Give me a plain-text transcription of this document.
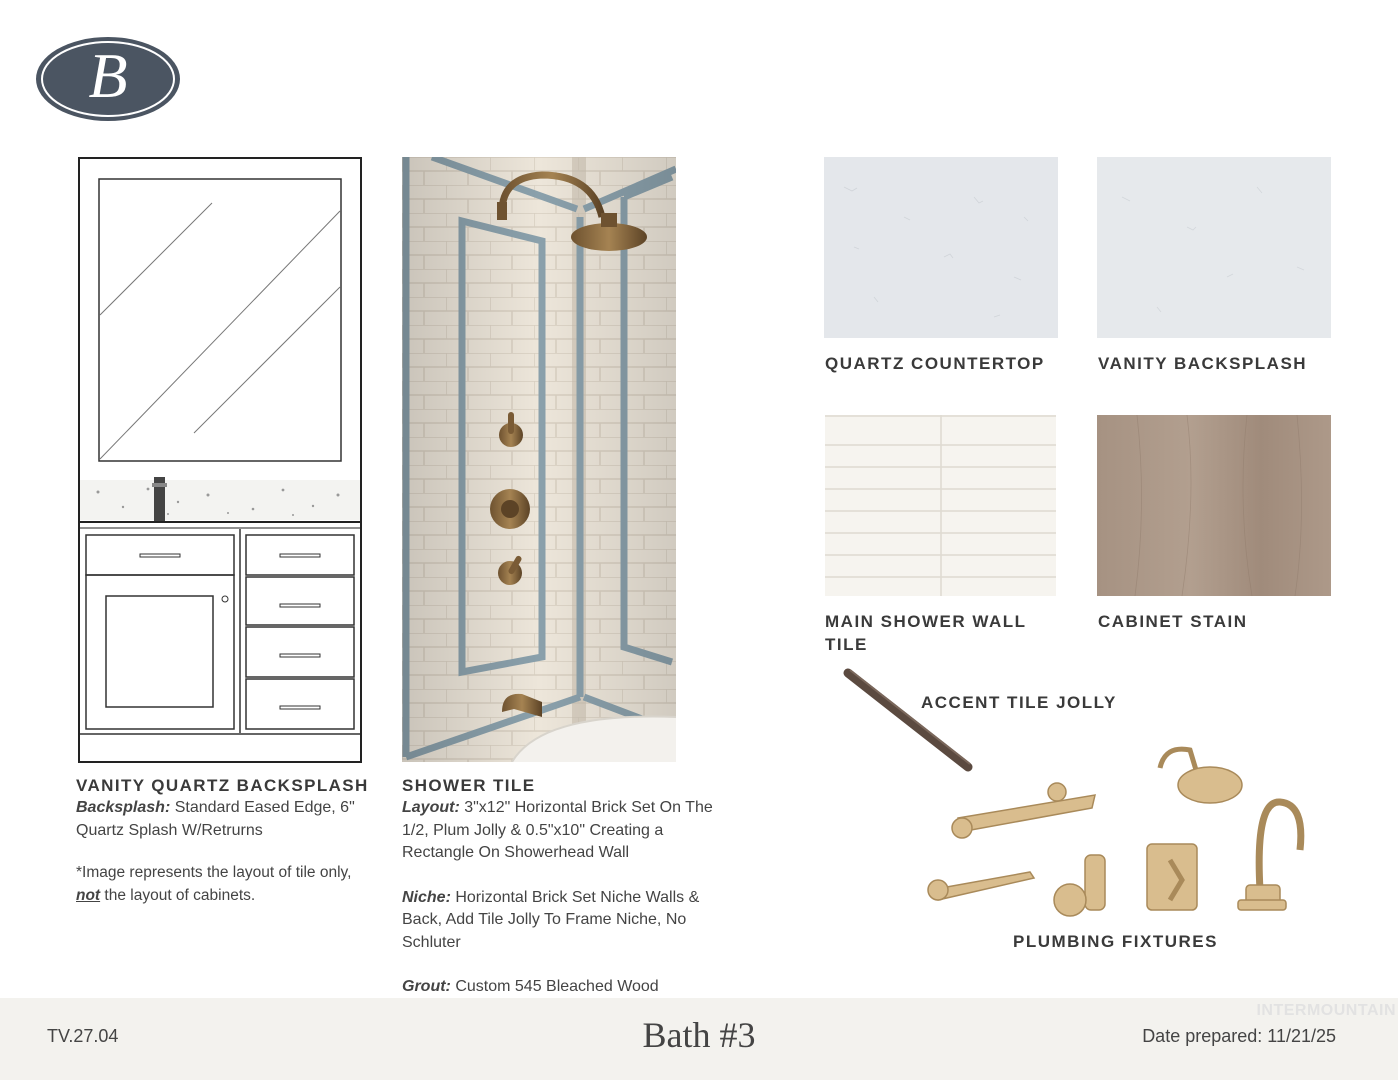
B
QUARTZ COUNTERTOP	VANITY BACKSPLASH
MAIN SHOWER WALL
TILE
CABINET STAIN
ACCENT TILE JOLLY
PLUMBING FIXTURES

VANITY QUARTZ BACKSPLASH

Backsplash: Standard Eased Edge, 6" Quartz Splash W/Retrurns

*Image represents the layout of tile only, not the layout of cabinets.

SHOWER TILE

Layout: 3"x12" Horizontal Brick Set On The 1/2, Plum Jolly & 0.5"x10" Creating a Rectangle On Showerhead Wall

Niche: Horizontal Brick Set Niche Walls & Back, Add Tile Jolly To Frame Niche, No Schluter

Grout: Custom 545 Bleached Wood

TV.27.04	Bath #3	Date prepared: 11/21/25
INTERMOUNTAIN
